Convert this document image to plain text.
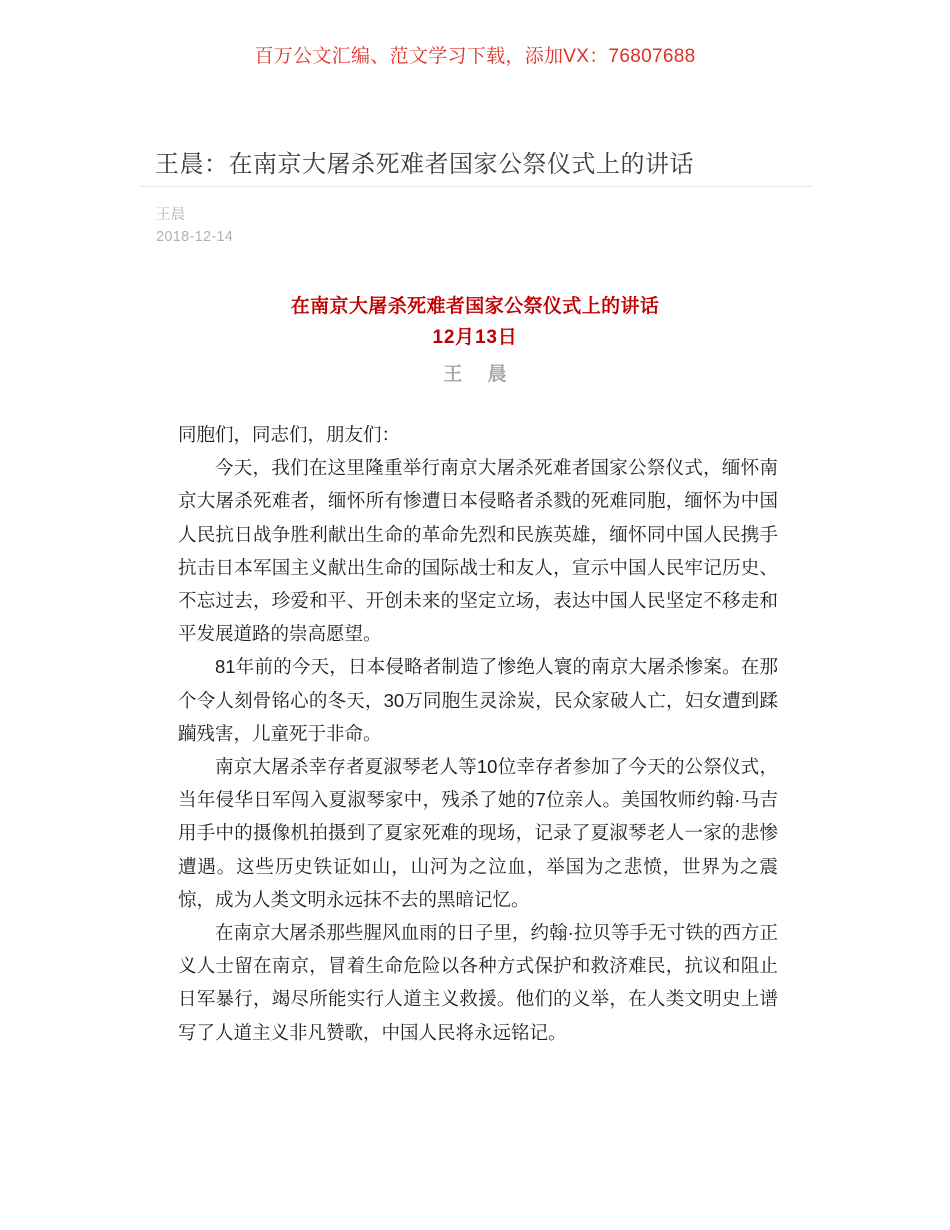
百万公文汇编、范文学习下载，添加VX：76807688
王晨：在南京大屠杀死难者国家公祭仪式上的讲话
王晨
2018-12-14
在南京大屠杀死难者国家公祭仪式上的讲话
12月13日
王 晨

同胞们，同志们，朋友们：

今天，我们在这里隆重举行南京大屠杀死难者国家公祭仪式，缅怀南京大屠杀死难者，缅怀所有惨遭日本侵略者杀戮的死难同胞，缅怀为中国人民抗日战争胜利献出生命的革命先烈和民族英雄，缅怀同中国人民携手抗击日本军国主义献出生命的国际战士和友人，宣示中国人民牢记历史、不忘过去，珍爱和平、开创未来的坚定立场，表达中国人民坚定不移走和平发展道路的崇高愿望。

81年前的今天，日本侵略者制造了惨绝人寰的南京大屠杀惨案。在那个令人刻骨铭心的冬天，30万同胞生灵涂炭，民众家破人亡，妇女遭到蹂躏残害，儿童死于非命。

南京大屠杀幸存者夏淑琴老人等10位幸存者参加了今天的公祭仪式，当年侵华日军闯入夏淑琴家中，残杀了她的7位亲人。美国牧师约翰·马吉用手中的摄像机拍摄到了夏家死难的现场，记录了夏淑琴老人一家的悲惨遭遇。这些历史铁证如山，山河为之泣血，举国为之悲愤，世界为之震惊，成为人类文明永远抹不去的黑暗记忆。

在南京大屠杀那些腥风血雨的日子里，约翰·拉贝等手无寸铁的西方正义人士留在南京，冒着生命危险以各种方式保护和救济难民，抗议和阻止日军暴行，竭尽所能实行人道主义救援。他们的义举，在人类文明史上谱写了人道主义非凡赞歌，中国人民将永远铭记。
